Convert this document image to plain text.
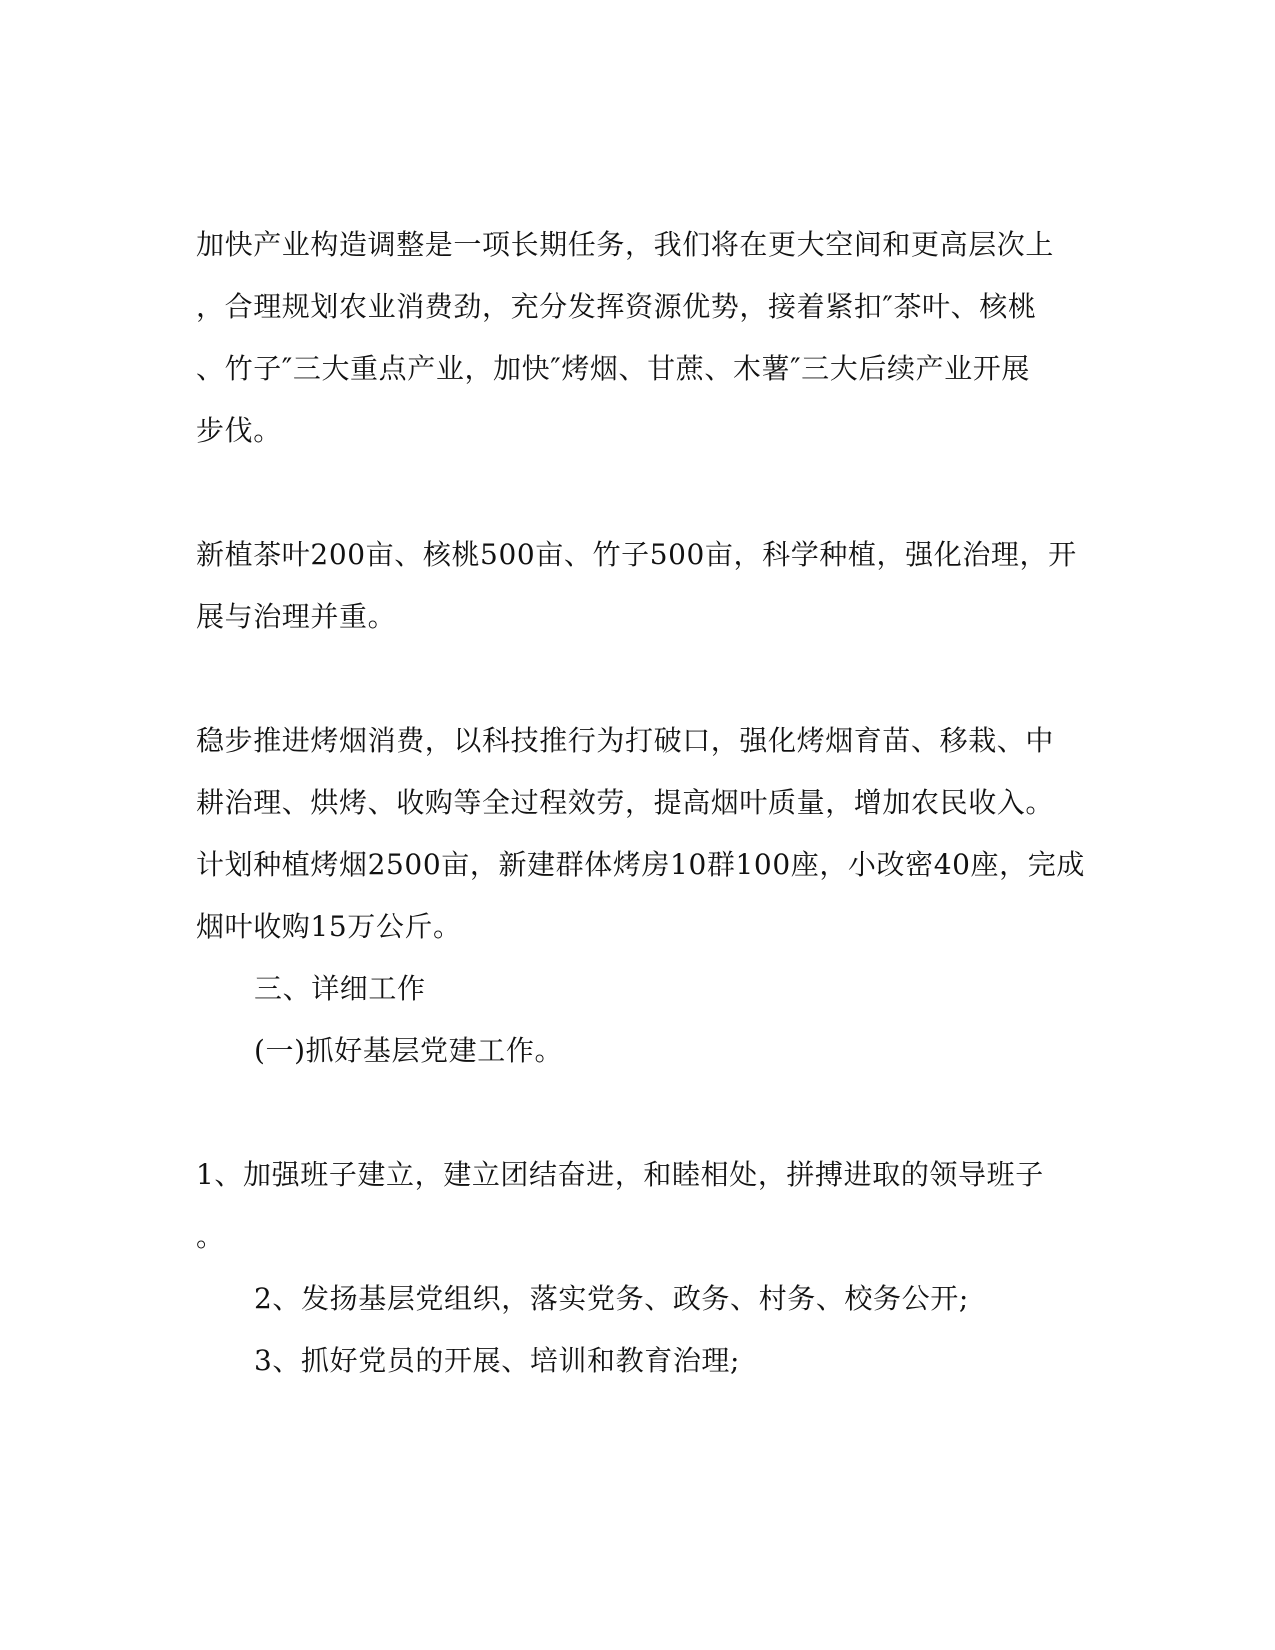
加快产业构造调整是一项长期任务，我们将在更大空间和更高层次上
，合理规划农业消费劲，充分发挥资源优势，接着紧扣″茶叶、核桃
、竹子″三大重点产业，加快″烤烟、甘蔗、木薯″三大后续产业开展
步伐。
新植茶叶200亩、核桃500亩、竹子500亩，科学种植，强化治理，开
展与治理并重。
稳步推进烤烟消费，以科技推行为打破口，强化烤烟育苗、移栽、中
耕治理、烘烤、收购等全过程效劳，提高烟叶质量，增加农民收入。
计划种植烤烟2500亩，新建群体烤房10群100座，小改密40座，完成
烟叶收购15万公斤。
三、详细工作
(一)抓好基层党建工作。
1、加强班子建立，建立团结奋进，和睦相处，拼搏进取的领导班子
。
2、发扬基层党组织，落实党务、政务、村务、校务公开;
3、抓好党员的开展、培训和教育治理;
